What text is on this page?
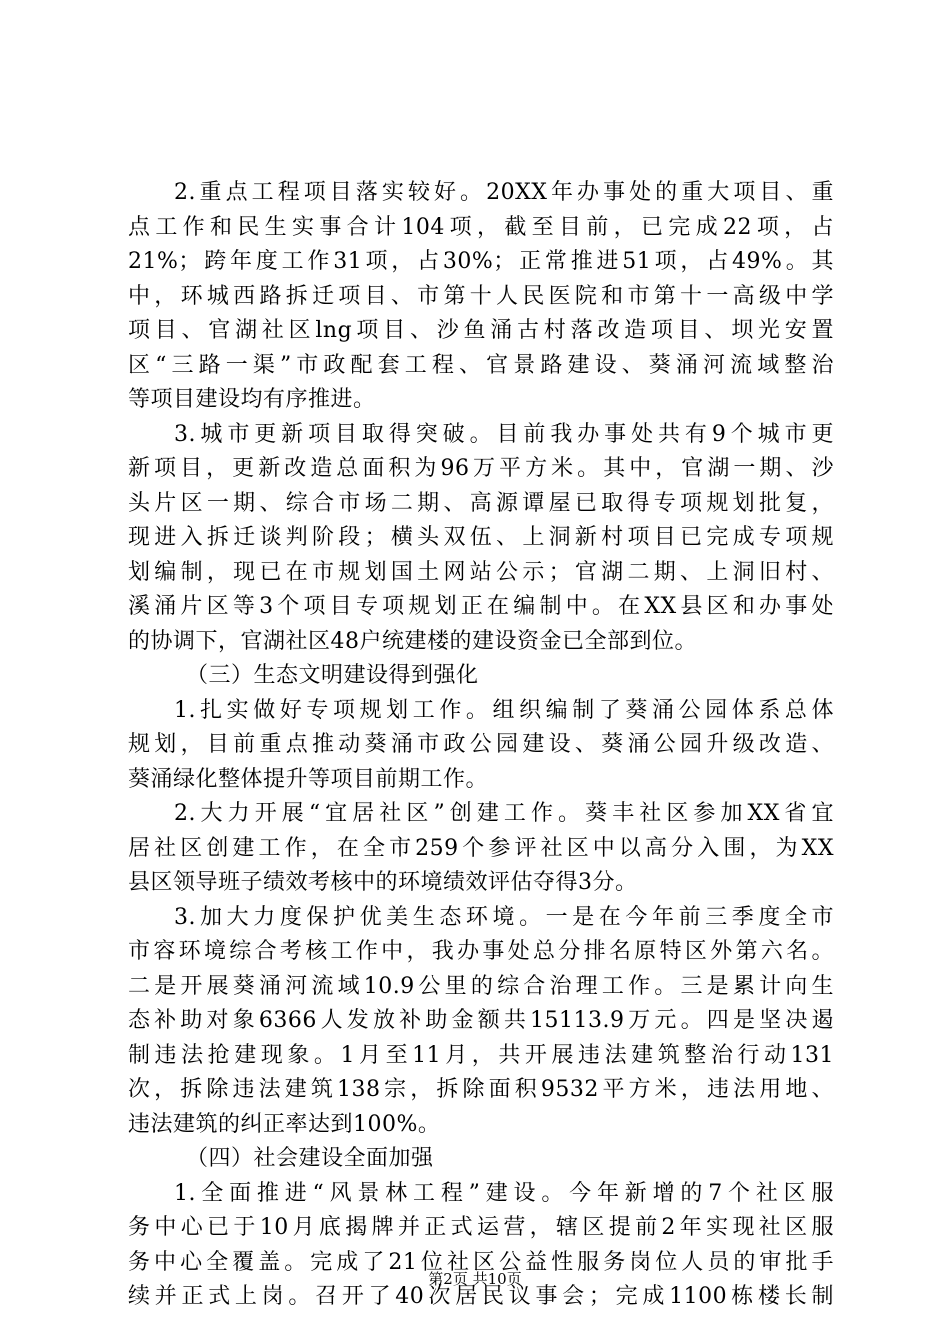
2.重点工程项目落实较好。20XX年办事处的重大项目、重
点工作和民生实事合计104项，截至目前，已完成22项，占
21%；跨年度工作31项，占30%；正常推进51项，占49%。其
中，环城西路拆迁项目、市第十人民医院和市第十一高级中学
项目、官湖社区lng项目、沙鱼涌古村落改造项目、坝光安置
区“三路一渠”市政配套工程、官景路建设、葵涌河流域整治
等项目建设均有序推进。
3.城市更新项目取得突破。目前我办事处共有9个城市更
新项目，更新改造总面积为96万平方米。其中，官湖一期、沙
头片区一期、综合市场二期、高源谭屋已取得专项规划批复，
现进入拆迁谈判阶段；横头双伍、上洞新村项目已完成专项规
划编制，现已在市规划国土网站公示；官湖二期、上洞旧村、
溪涌片区等3个项目专项规划正在编制中。在XX县区和办事处
的协调下，官湖社区48户统建楼的建设资金已全部到位。
（三）生态文明建设得到强化
1.扎实做好专项规划工作。组织编制了葵涌公园体系总体
规划，目前重点推动葵涌市政公园建设、葵涌公园升级改造、
葵涌绿化整体提升等项目前期工作。
2.大力开展“宜居社区”创建工作。葵丰社区参加XX省宜
居社区创建工作，在全市259个参评社区中以高分入围，为XX
县区领导班子绩效考核中的环境绩效评估夺得3分。
3.加大力度保护优美生态环境。一是在今年前三季度全市
市容环境综合考核工作中，我办事处总分排名原特区外第六名。
二是开展葵涌河流域10.9公里的综合治理工作。三是累计向生
态补助对象6366人发放补助金额共15113.9万元。四是坚决遏
制违法抢建现象。1月至11月，共开展违法建筑整治行动131
次，拆除违法建筑138宗，拆除面积9532平方米，违法用地、
违法建筑的纠正率达到100%。
（四）社会建设全面加强
1.全面推进“风景林工程”建设。今年新增的7个社区服
务中心已于10月底揭牌并正式运营，辖区提前2年实现社区服
务中心全覆盖。完成了21位社区公益性服务岗位人员的审批手
续并正式上岗。召开了40次居民议事会；完成1100栋楼长制
第2页 共10页
